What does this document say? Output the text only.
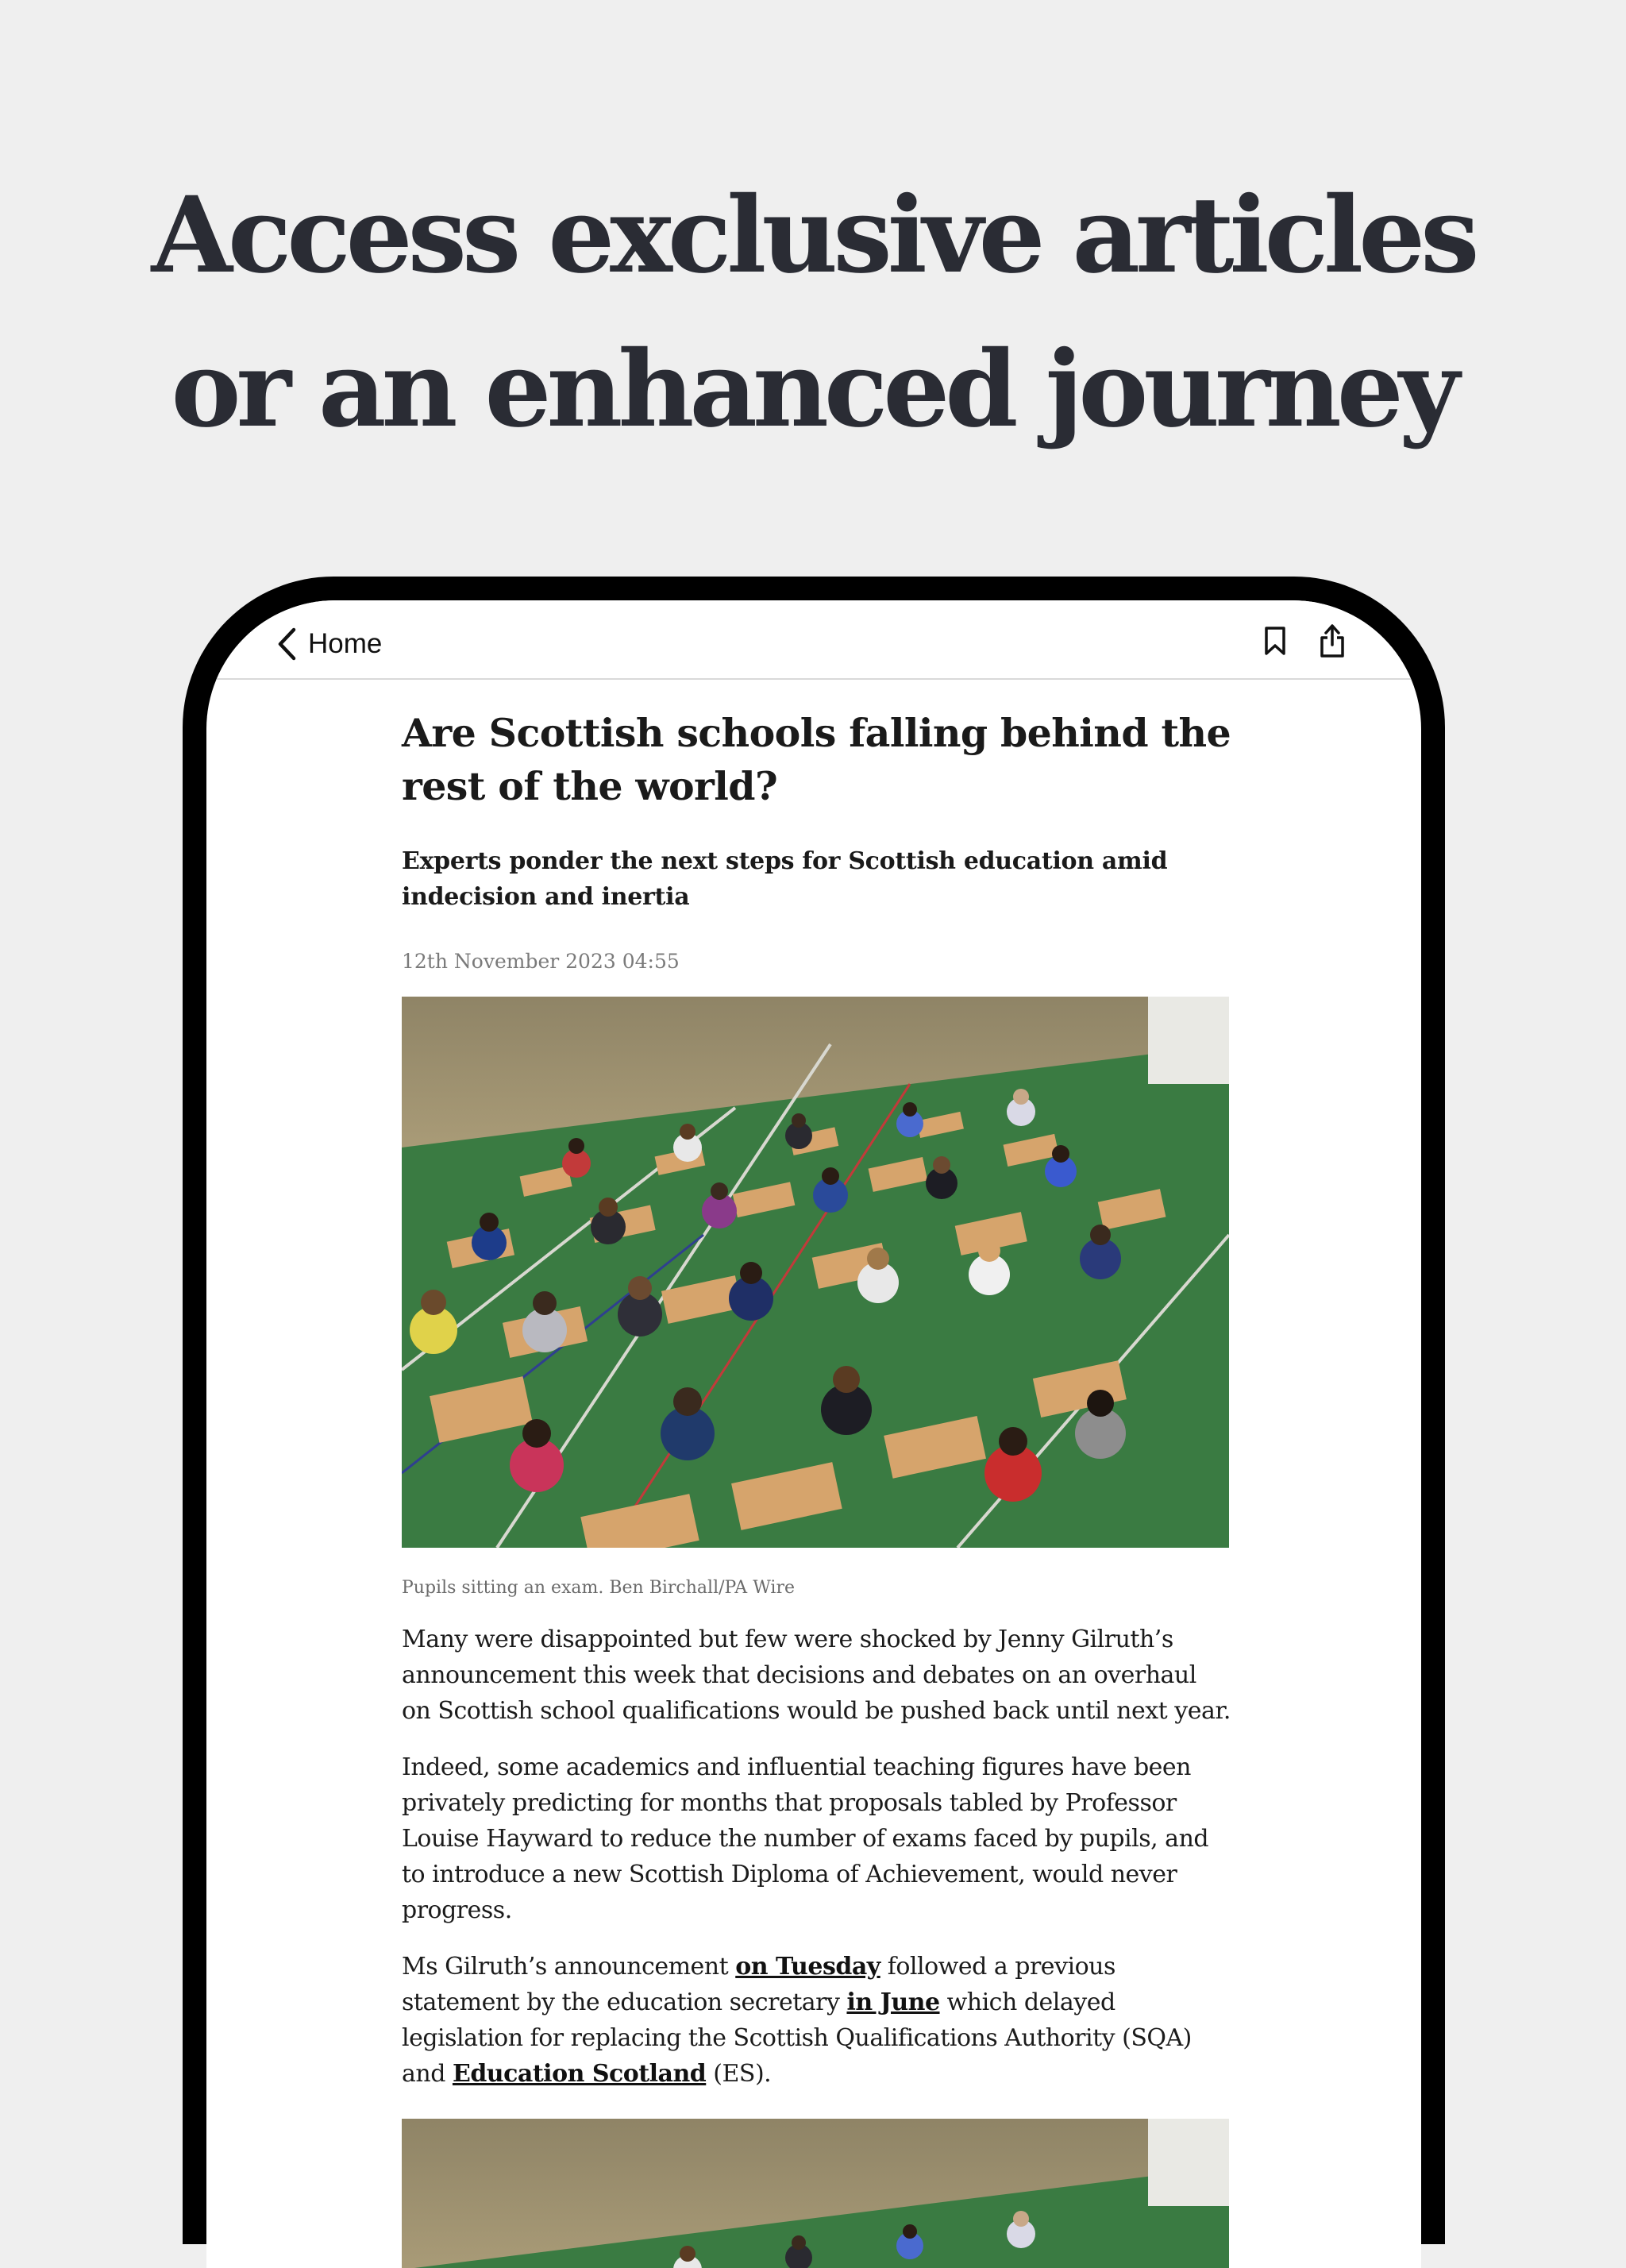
Access exclusive articles
or an enhanced journey
Home
Are Scottish schools falling behind the rest of the world?

Experts ponder the next steps for Scottish education amid indecision and inertia

12th November 2023 04:55
Pupils sitting an exam. Ben Birchall/PA Wire

Many were disappointed but few were shocked by Jenny Gilruth’s announcement this week that decisions and debates on an overhaul on Scottish school qualifications would be pushed back until next year.

Indeed, some academics and influential teaching figures have been privately predicting for months that proposals tabled by Professor Louise Hayward to reduce the number of exams faced by pupils, and to introduce a new Scottish Diploma of Achievement, would never progress.

Ms Gilruth’s announcement on Tuesday followed a previous statement by the education secretary in June which delayed legislation for replacing the Scottish Qualifications Authority (SQA) and Education Scotland (ES).
